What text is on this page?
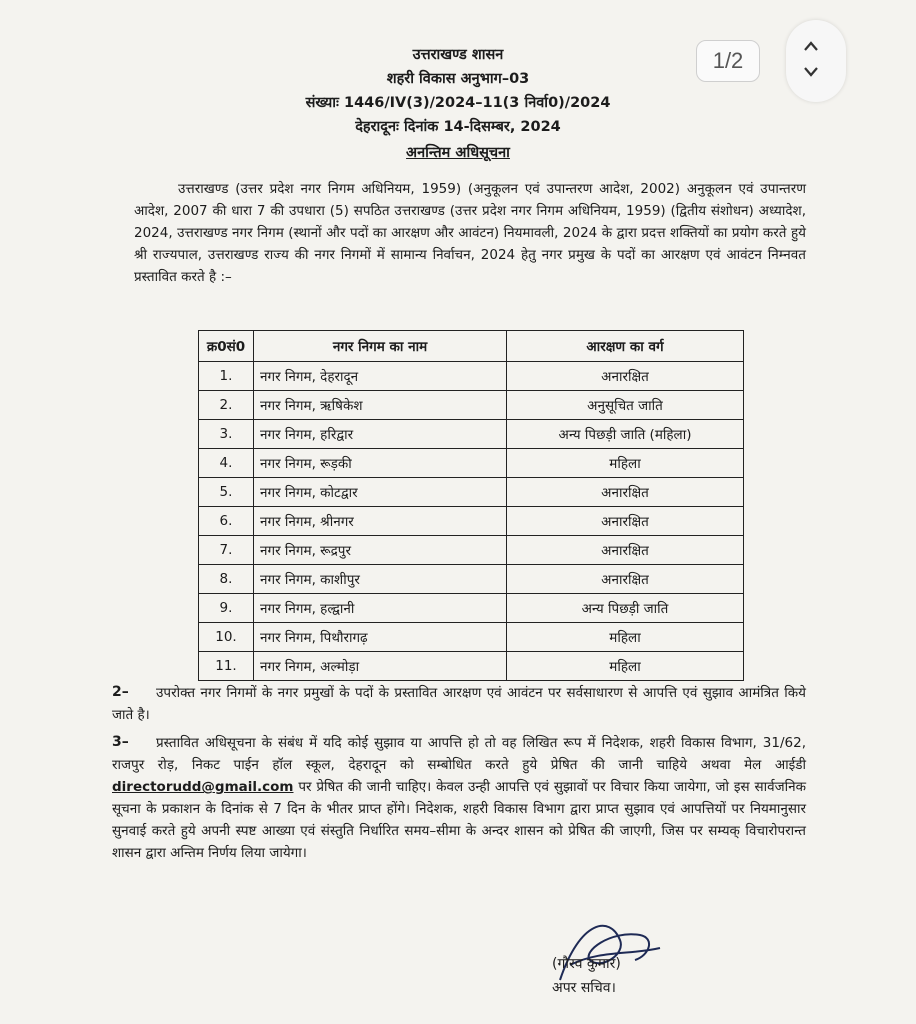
1/2
उत्तराखण्ड शासन
शहरी विकास अनुभाग–03
संख्याः 1446/IV(3)/2024–11(3 निर्वा0)/2024
देहरादूनः दिनांक 14-दिसम्बर, 2024
अनन्तिम अधिसूचना
उत्तराखण्ड (उत्तर प्रदेश नगर निगम अधिनियम, 1959) (अनुकूलन एवं उपान्तरण आदेश, 2002) अनुकूलन एवं उपान्तरण आदेश, 2007 की धारा 7 की उपधारा (5) सपठित उत्तराखण्ड (उत्तर प्रदेश नगर निगम अधिनियम, 1959) (द्वितीय संशोधन) अध्यादेश, 2024, उत्तराखण्ड नगर निगम (स्थानों और पदों का आरक्षण और आवंटन) नियमावली, 2024 के द्वारा प्रदत्त शक्तियों का प्रयोग करते हुये श्री राज्यपाल, उत्तराखण्ड राज्य की नगर निगमों में सामान्य निर्वाचन, 2024 हेतु नगर प्रमुख के पदों का आरक्षण एवं आवंटन निम्नवत प्रस्तावित करते है :–
क्र0सं0	नगर निगम का नाम	आरक्षण का वर्ग
1.	नगर निगम, देहरादून	अनारक्षित
2.	नगर निगम, ऋषिकेश	अनुसूचित जाति
3.	नगर निगम, हरिद्वार	अन्य पिछड़ी जाति (महिला)
4.	नगर निगम, रूड़की	महिला
5.	नगर निगम, कोटद्वार	अनारक्षित
6.	नगर निगम, श्रीनगर	अनारक्षित
7.	नगर निगम, रूद्रपुर	अनारक्षित
8.	नगर निगम, काशीपुर	अनारक्षित
9.	नगर निगम, हल्द्वानी	अन्य पिछड़ी जाति
10.	नगर निगम, पिथौरागढ़	महिला
11.	नगर निगम, अल्मोड़ा	महिला
2–	उपरोक्त नगर निगमों के नगर प्रमुखों के पदों के प्रस्तावित आरक्षण एवं आवंटन पर सर्वसाधारण से आपत्ति एवं सुझाव आमंत्रित किये जाते है।
3–	प्रस्तावित अधिसूचना के संबंध में यदि कोई सुझाव या आपत्ति हो तो वह लिखित रूप में निदेशक, शहरी विकास विभाग, 31/62, राजपुर रोड़, निकट पाईन हॉल स्कूल, देहरादून को सम्बोधित करते हुये प्रेषित की जानी चाहिये अथवा मेल आईडी directorudd@gmail.com पर प्रेषित की जानी चाहिए। केवल उन्ही आपत्ति एवं सुझावों पर विचार किया जायेगा, जो इस सार्वजनिक सूचना के प्रकाशन के दिनांक से 7 दिन के भीतर प्राप्त होंगे। निदेशक, शहरी विकास विभाग द्वारा प्राप्त सुझाव एवं आपत्तियों पर नियमानुसार सुनवाई करते हुये अपनी स्पष्ट आख्या एवं संस्तुति निर्धारित समय–सीमा के अन्दर शासन को प्रेषित की जाएगी, जिस पर सम्यक् विचारोपरान्त शासन द्वारा अन्तिम निर्णय लिया जायेगा।
(गौरव कुमार)
अपर सचिव।
